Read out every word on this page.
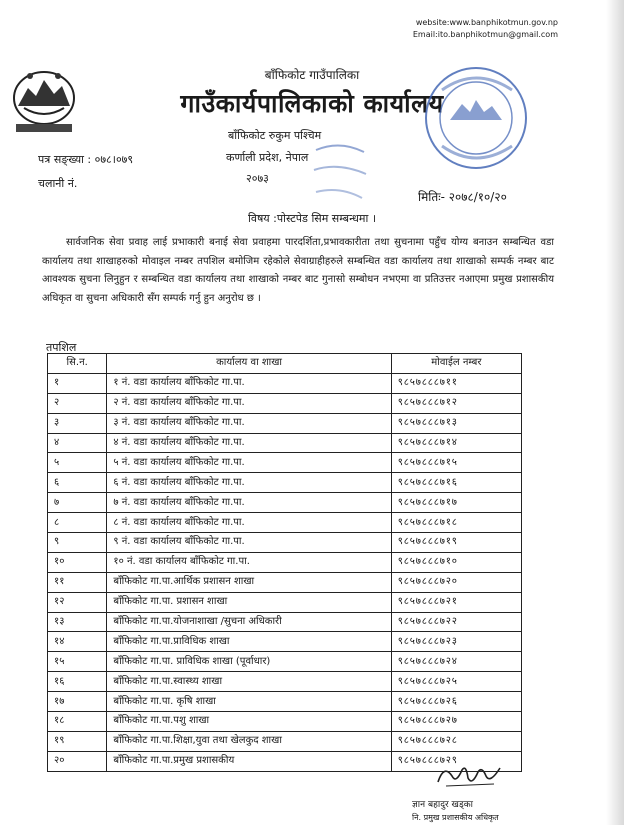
website:www.banphikotmun.gov.np
Email:ito.banphikotmun@gmail.com
बाँफिकोट गाउँपालिका
गाउँकार्यपालिकाको कार्यालय
बाँफिकोट रुकुम पश्चिम
कर्णाली प्रदेश, नेपाल
२०७३
पत्र सङ्ख्या : ०७८।०७९
चलानी नं.
मितिः- २०७८/१०/२०
विषय :पोस्टपेड सिम सम्बन्धमा ।
सार्वजनिक सेवा प्रवाह लाई प्रभाकारी बनाई सेवा प्रवाहमा पारदर्शिता,प्रभावकारीता तथा सुचनामा पहुँच योग्य बनाउन सम्बन्धित वडा कार्यालय तथा शाखाहरुको मोवाइल नम्बर तपशिल बमोजिम रहेकोले सेवाग्राहीहरुले सम्बन्धित वडा कार्यालय तथा शाखाको सम्पर्क नम्बर बाट आवश्यक सुचना लिनुहुन र सम्बन्धित वडा कार्यालय तथा शाखाको नम्बर बाट गुनासो सम्बोधन नभएमा वा प्रतिउत्तर नआएमा प्रमुख प्रशासकीय अधिकृत वा सुचना अधिकारी सँग सम्पर्क गर्नु हुन अनुरोध छ ।
तपशिल
सि.न.	कार्यालय वा शाखा	मोवाईल नम्बर
१	१ नं. वडा कार्यालय बाँफिकोट गा.पा.	९८५७८८८७११
२	२ नं. वडा कार्यालय बाँफिकोट गा.पा.	९८५७८८८७१२
३	३ नं. वडा कार्यालय बाँफिकोट गा.पा.	९८५७८८८७१३
४	४ नं. वडा कार्यालय बाँफिकोट गा.पा.	९८५७८८८७१४
५	५ नं. वडा कार्यालय बाँफिकोट गा.पा.	९८५७८८८७१५
६	६ नं. वडा कार्यालय बाँफिकोट गा.पा.	९८५७८८८७१६
७	७ नं. वडा कार्यालय बाँफिकोट गा.पा.	९८५७८८८७१७
८	८ नं. वडा कार्यालय बाँफिकोट गा.पा.	९८५७८८८७१८
९	९ नं. वडा कार्यालय बाँफिकोट गा.पा.	९८५७८८८७१९
१०	१० नं. वडा कार्यालय बाँफिकोट गा.पा.	९८५७८८८७१०
११	बाँफिकोट गा.पा.आर्थिक प्रशासन शाखा	९८५७८८८७२०
१२	बाँफिकोट गा.पा. प्रशासन शाखा	९८५७८८८७२१
१३	बाँफिकोट गा.पा.योजनाशाखा /सुचना अधिकारी	९८५७८८८७२२
१४	बाँफिकोट गा.पा.प्राविधिक शाखा	९८५७८८८७२३
१५	बाँफिकोट गा.पा. प्राविधिक शाखा (पूर्वाधार)	९८५७८८८७२४
१६	बाँफिकोट गा.पा.स्वास्थ्य शाखा	९८५७८८८७२५
१७	बाँफिकोट गा.पा. कृषि शाखा	९८५७८८८७२६
१८	बाँफिकोट गा.पा.पशु शाखा	९८५७८८८७२७
१९	बाँफिकोट गा.पा.शिक्षा,युवा तथा खेलकुद शाखा	९८५७८८८७२८
२०	बाँफिकोट गा.पा.प्रमुख प्रशासकीय	९८५७८८८७२९
ज्ञान बहादुर खड्का
नि. प्रमुख प्रशासकीय अधिकृत
